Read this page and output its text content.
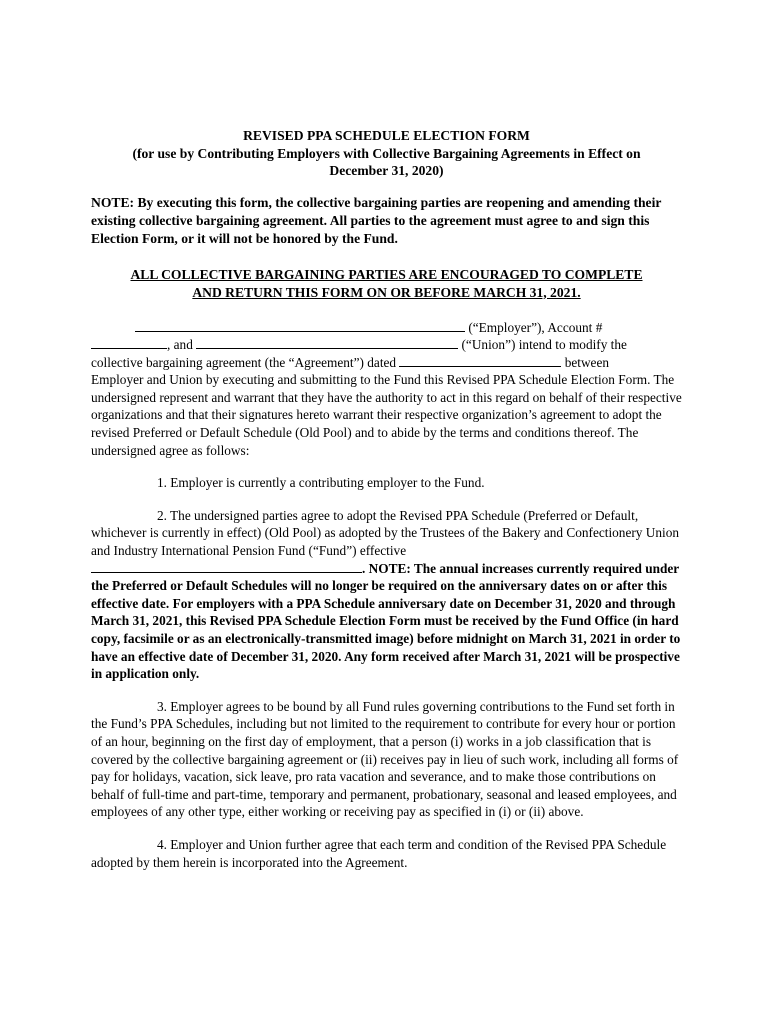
REVISED PPA SCHEDULE ELECTION FORM
(for use by Contributing Employers with Collective Bargaining Agreements in Effect on
December 31, 2020)
NOTE: By executing this form, the collective bargaining parties are reopening and amending their existing collective bargaining agreement. All parties to the agreement must agree to and sign this Election Form, or it will not be honored by the Fund.
ALL COLLECTIVE BARGAINING PARTIES ARE ENCOURAGED TO COMPLETE
AND RETURN THIS FORM ON OR BEFORE MARCH 31, 2021.
(“Employer”), Account #
, and	(“Union”) intend to modify the
collective bargaining agreement (the “Agreement”) dated	between
Employer and Union by executing and submitting to the Fund this Revised PPA Schedule Election Form. The undersigned represent and warrant that they have the authority to act in this regard on behalf of their respective organizations and that their signatures hereto warrant their respective organization’s agreement to adopt the revised Preferred or Default Schedule (Old Pool) and to abide by the terms and conditions thereof. The undersigned agree as follows:
1. Employer is currently a contributing employer to the Fund.
2. The undersigned parties agree to adopt the Revised PPA Schedule (Preferred or Default, whichever is currently in effect) (Old Pool) as adopted by the Trustees of the Bakery and Confectionery Union and Industry International Pension Fund (“Fund”) effective
. NOTE: The annual increases currently required under the Preferred or Default Schedules will no longer be required on the anniversary dates on or after this effective date. For employers with a PPA Schedule anniversary date on December 31, 2020 and through March 31, 2021, this Revised PPA Schedule Election Form must be received by the Fund Office (in hard copy, facsimile or as an electronically-transmitted image) before midnight on March 31, 2021 in order to have an effective date of December 31, 2020. Any form received after March 31, 2021 will be prospective in application only.
3. Employer agrees to be bound by all Fund rules governing contributions to the Fund set forth in the Fund’s PPA Schedules, including but not limited to the requirement to contribute for every hour or portion of an hour, beginning on the first day of employment, that a person (i) works in a job classification that is covered by the collective bargaining agreement or (ii) receives pay in lieu of such work, including all forms of pay for holidays, vacation, sick leave, pro rata vacation and severance, and to make those contributions on behalf of full-time and part-time, temporary and permanent, probationary, seasonal and leased employees, and employees of any other type, either working or receiving pay as specified in (i) or (ii) above.
4. Employer and Union further agree that each term and condition of the Revised PPA Schedule adopted by them herein is incorporated into the Agreement.
